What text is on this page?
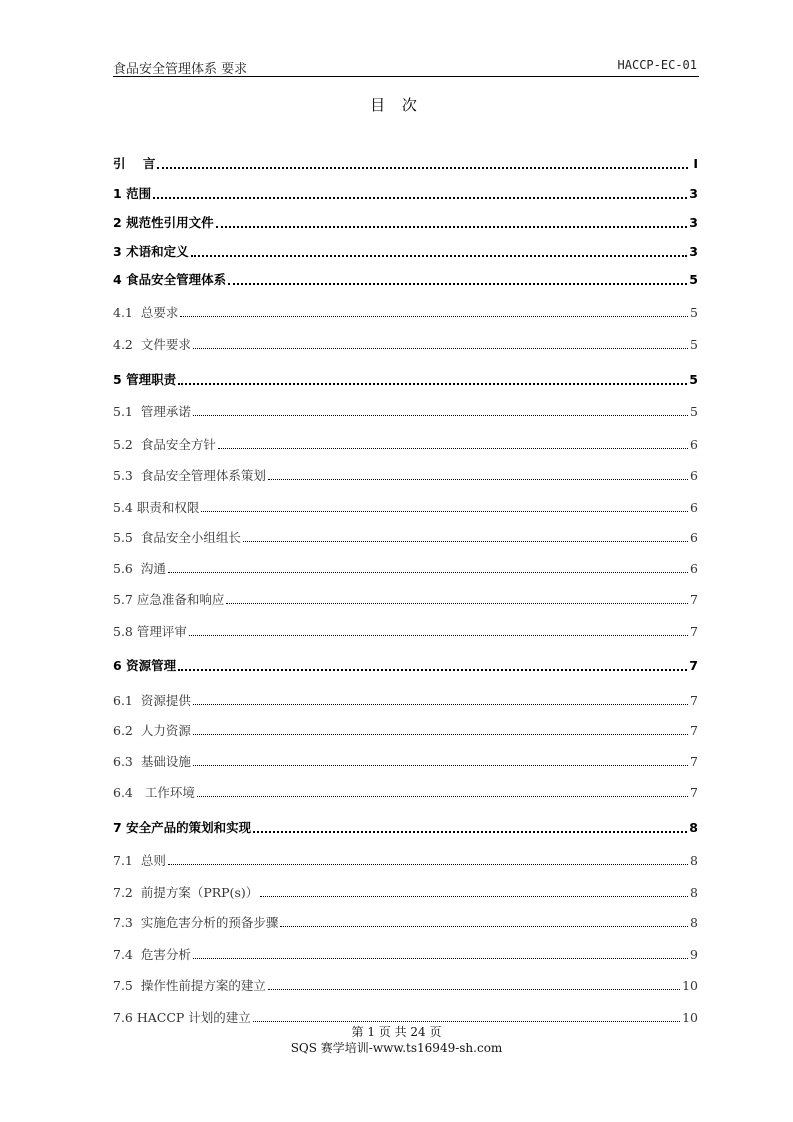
食品安全管理体系 要求	HACCP-EC-01
目 次
引 言	I
1 范围	3
2 规范性引用文件	3
3 术语和定义	3
4 食品安全管理体系	5
4.1 总要求	5
4.2 文件要求	5
5 管理职责	5
5.1 管理承诺	5
5.2 食品安全方针	6
5.3 食品安全管理体系策划	6
5.4 职责和权限	6
5.5 食品安全小组组长	6
5.6 沟通	6
5.7 应急准备和响应	7
5.8 管理评审	7
6 资源管理	7
6.1 资源提供	7
6.2 人力资源	7
6.3 基础设施	7
6.4 工作环境	7
7 安全产品的策划和实现	8
7.1 总则	8
7.2 前提方案（PRP(s)）	8
7.3 实施危害分析的预备步骤	8
7.4 危害分析	9
7.5 操作性前提方案的建立	10
7.6 HACCP 计划的建立	10
第 1 页 共 24 页
SQS 赛学培训-www.ts16949-sh.com
